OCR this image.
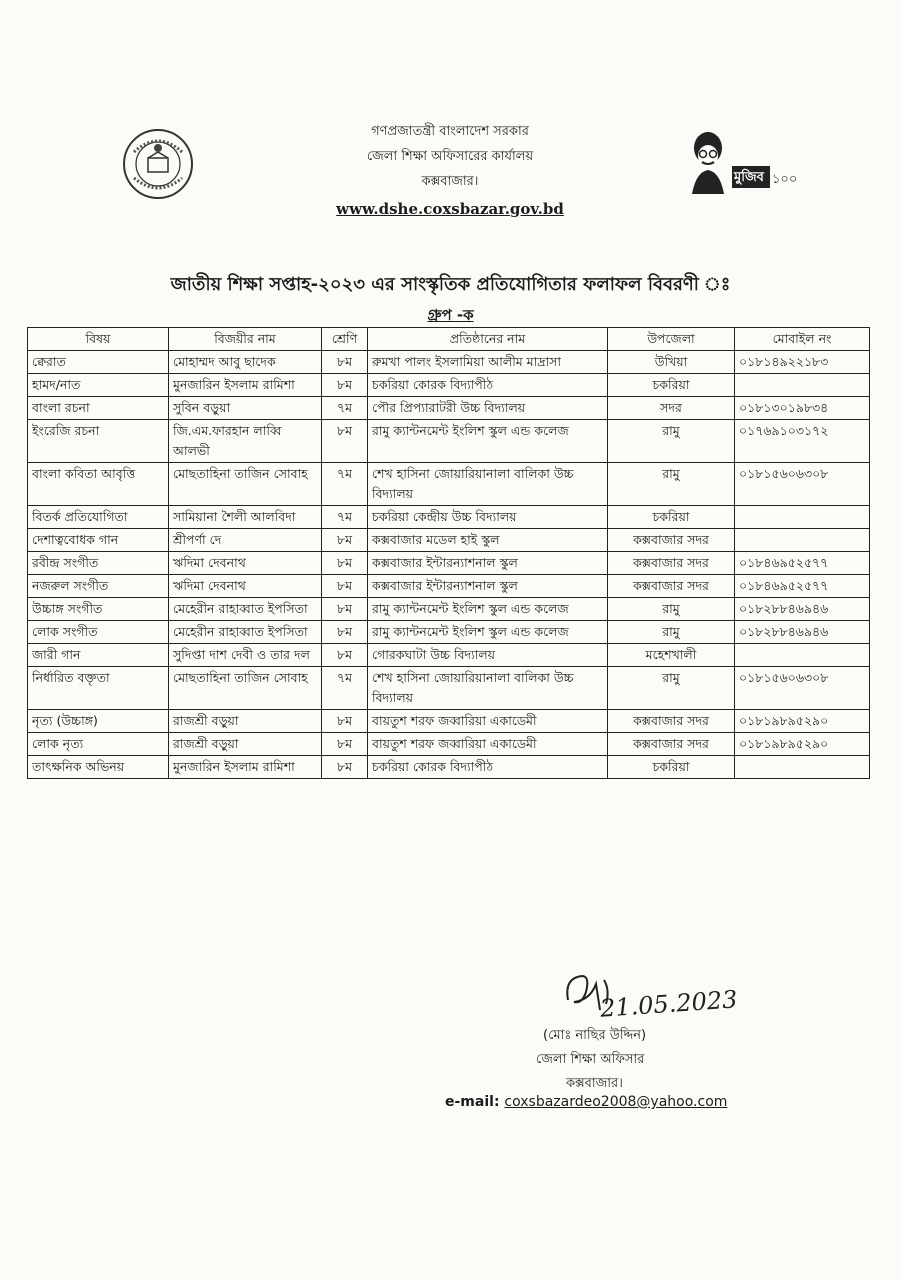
গণপ্রজাতন্ত্রী বাংলাদেশ সরকার
জেলা শিক্ষা অফিসারের কার্যালয়
কক্সবাজার।
www.dshe.coxsbazar.gov.bd
মুজিব ১০০
জাতীয় শিক্ষা সপ্তাহ-২০২৩ এর সাংস্কৃতিক প্রতিযোগিতার ফলাফল বিবরণী ঃ
গ্রুপ -ক
বিষয়	বিজয়ীর নাম	শ্রেণি	প্রতিষ্ঠানের নাম	উপজেলা	মোবাইল নং
ক্বেরাত	মোহাম্মদ আবু ছাদেক	৮ম	রুমখা পালং ইসলামিয়া আলীম মাদ্রাসা	উখিয়া	০১৮১৪৯২২১৮৩
হামদ/নাত	মুনজারিন ইসলাম রামিশা	৮ম	চকরিয়া কোরক বিদ্যাপীঠ	চকরিয়া	
বাংলা রচনা	সুবিন বড়ুয়া	৭ম	পৌর প্রিপ্যারাটরী উচ্চ বিদ্যালয়	সদর	০১৮১৩০১৯৮৩৪
ইংরেজি রচনা	জি.এম.ফারহান লাব্বি আলভী	৮ম	রামু ক্যান্টনমেন্ট ইংলিশ স্কুল এন্ড কলেজ	রামু	০১৭৬৯১০৩১৭২
বাংলা কবিতা আবৃত্তি	মোছতাহিনা তাজিন সোবাহ	৭ম	শেখ হাসিনা জোয়ারিয়ানালা বালিকা উচ্চ বিদ্যালয়	রামু	০১৮১৫৬০৬৩০৮
বিতর্ক প্রতিযোগিতা	সামিয়ানা শৈলী আলবিদা	৭ম	চকরিয়া কেন্দ্রীয় উচ্চ বিদ্যালয়	চকরিয়া	
দেশাত্ববোধক গান	শ্রীপর্ণা দে	৮ম	কক্সবাজার মডেল হাই স্কুল	কক্সবাজার সদর	
রবীন্দ্র সংগীত	ঋদিমা দেবনাথ	৮ম	কক্সবাজার ইন্টারন্যাশনাল স্কুল	কক্সবাজার সদর	০১৮৪৬৯৫২৫৭৭
নজরুল সংগীত	ঋদিমা দেবনাথ	৮ম	কক্সবাজার ইন্টারন্যাশনাল স্কুল	কক্সবাজার সদর	০১৮৪৬৯৫২৫৭৭
উচ্চাঙ্গ সংগীত	মেহেরীন রাহাব্বাত ইপসিতা	৮ম	রামু ক্যান্টনমেন্ট ইংলিশ স্কুল এন্ড কলেজ	রামু	০১৮২৮৮৪৬৯৪৬
লোক সংগীত	মেহেরীন রাহাব্বাত ইপসিতা	৮ম	রামু ক্যান্টনমেন্ট ইংলিশ স্কুল এন্ড কলেজ	রামু	০১৮২৮৮৪৬৯৪৬
জারী গান	সুদিপ্তা দাশ দেবী ও তার দল	৮ম	গোরকঘাটা উচ্চ বিদ্যালয়	মহেশখালী	
নির্ধারিত বক্তৃতা	মোছতাহিনা তাজিন সোবাহ	৭ম	শেখ হাসিনা জোয়ারিয়ানালা বালিকা উচ্চ বিদ্যালয়	রামু	০১৮১৫৬০৬৩০৮
নৃত্য (উচ্চাঙ্গ)	রাজশ্রী বড়ুয়া	৮ম	বায়তুশ শরফ জব্বারিয়া একাডেমী	কক্সবাজার সদর	০১৮১৯৮৯৫২৯০
লোক নৃত্য	রাজশ্রী বড়ুয়া	৮ম	বায়তুশ শরফ জব্বারিয়া একাডেমী	কক্সবাজার সদর	০১৮১৯৮৯৫২৯০
তাৎক্ষনিক অভিনয়	মুনজারিন ইসলাম রামিশা	৮ম	চকরিয়া কোরক বিদ্যাপীঠ	চকরিয়া	
21.05.2023
(মোঃ নাছির উদ্দিন)
জেলা শিক্ষা অফিসার
কক্সবাজার।
e-mail: coxsbazardeo2008@yahoo.com
